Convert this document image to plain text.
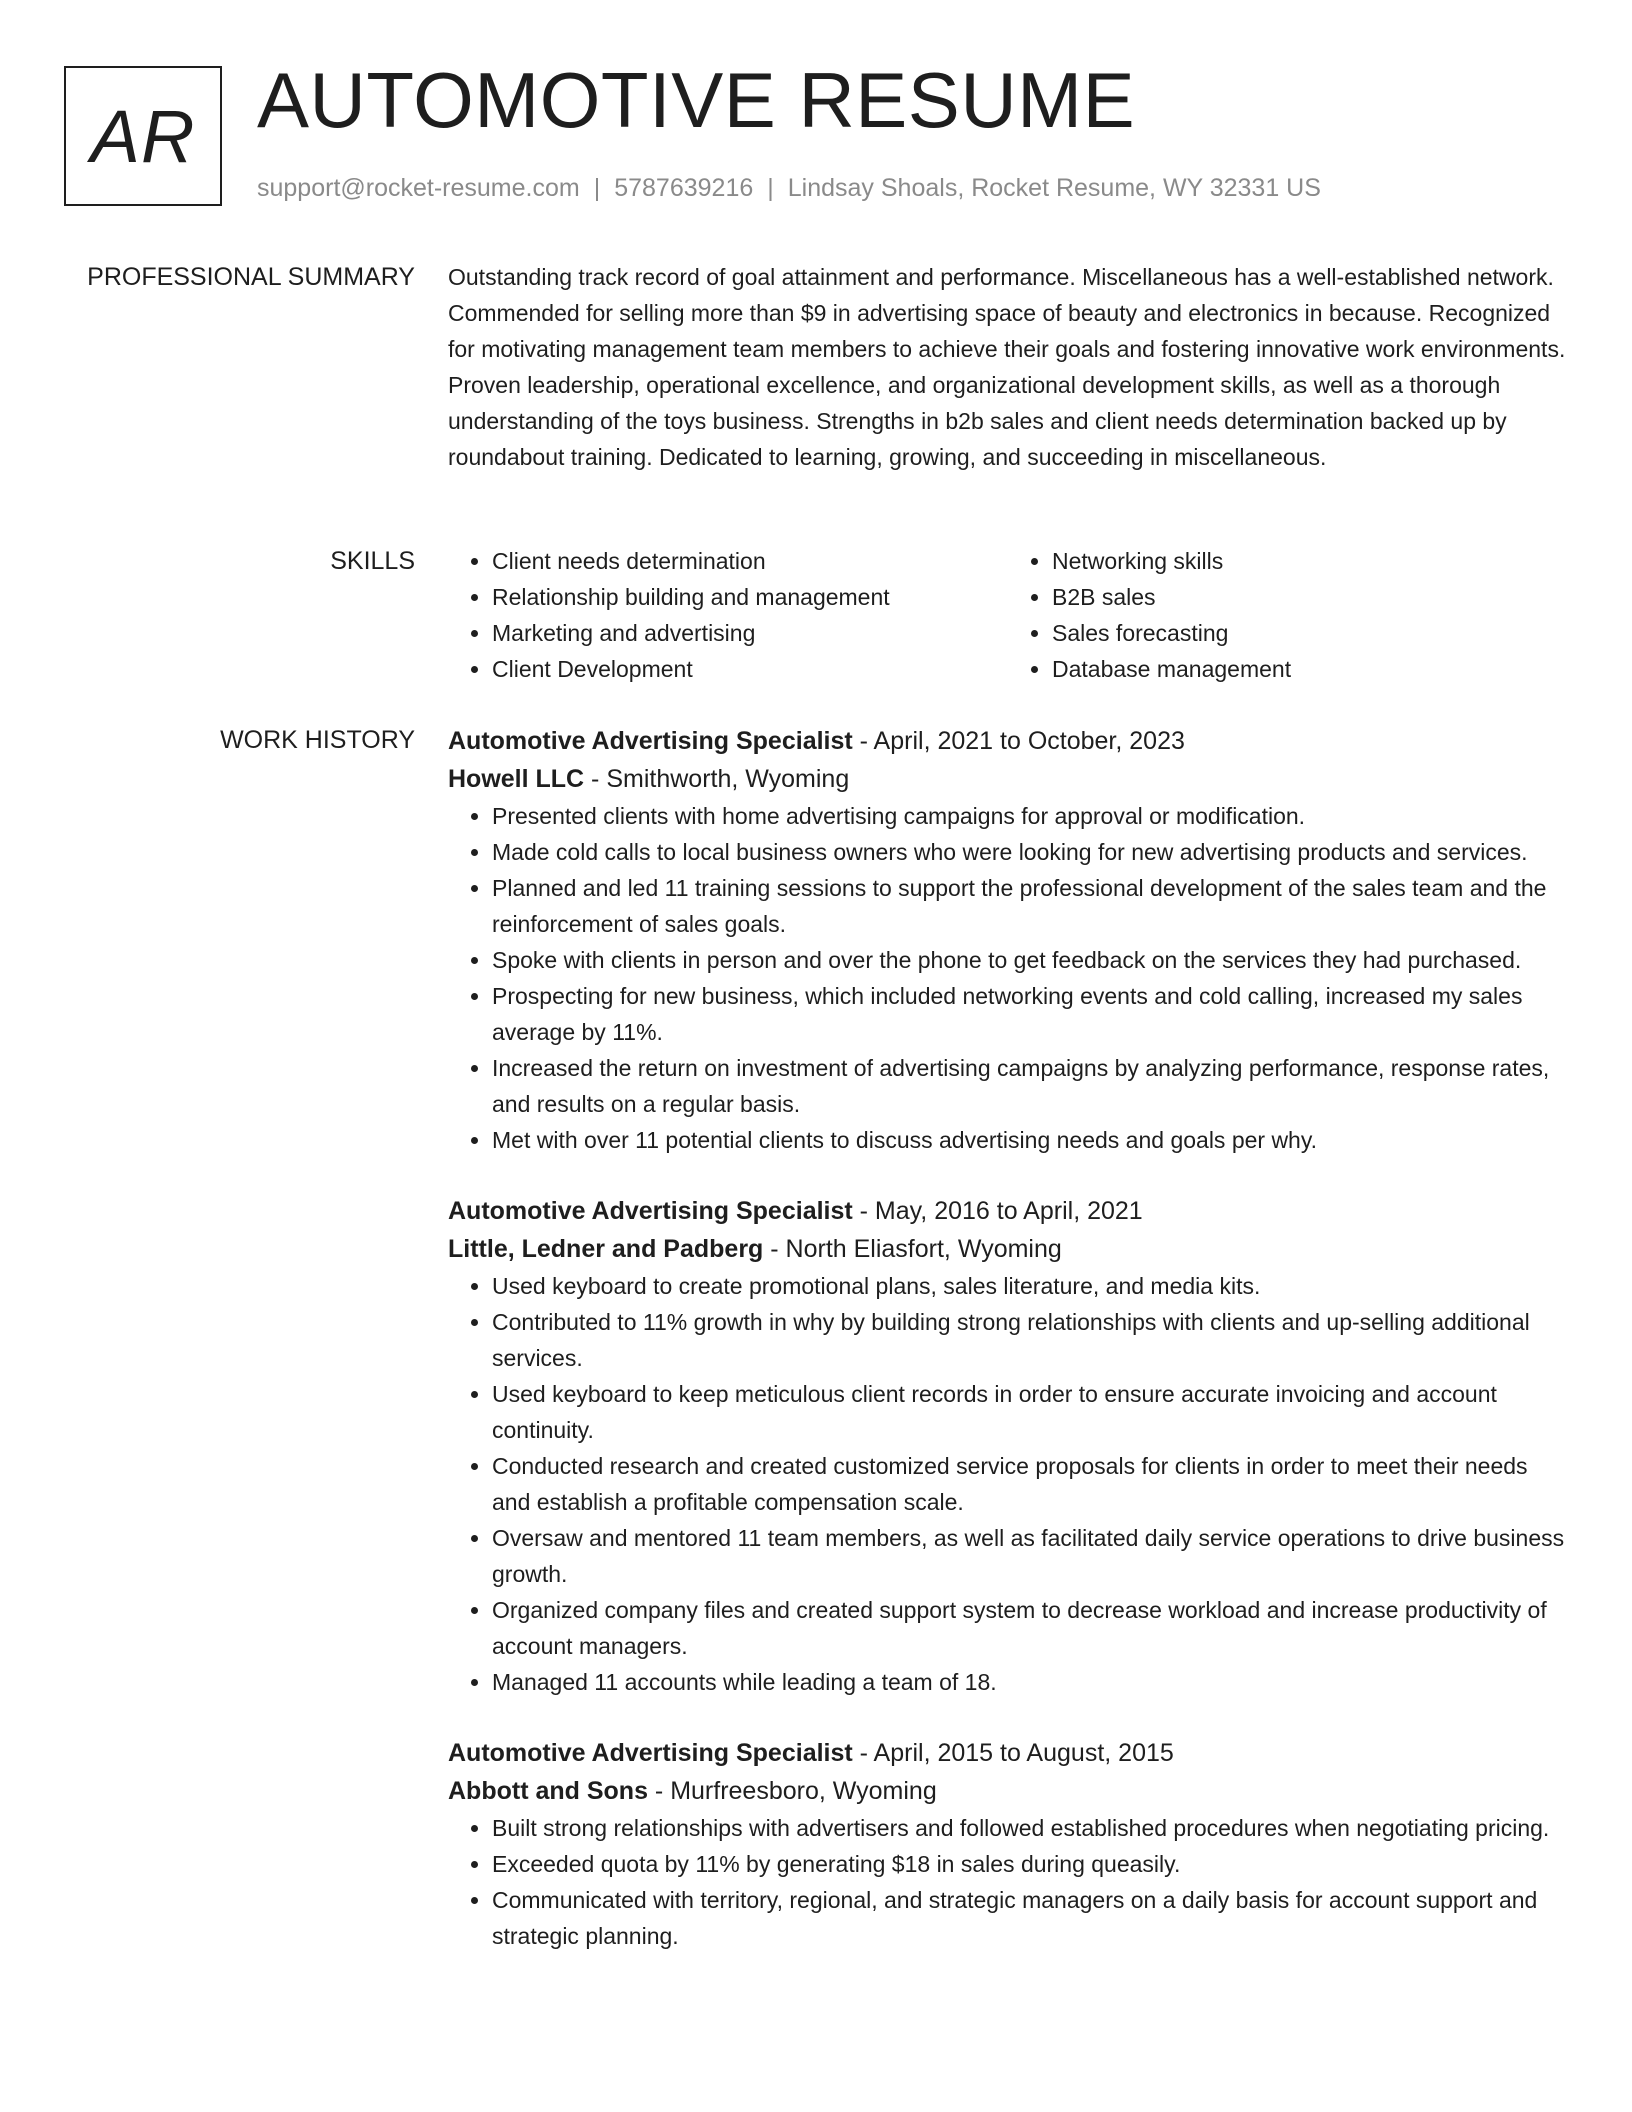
AR AUTOMOTIVE RESUME
support@rocket-resume.com | 5787639216 | Lindsay Shoals, Rocket Resume, WY 32331 US
PROFESSIONAL SUMMARY Outstanding track record of goal attainment and performance. Miscellaneous has a well-established network. Commended for selling more than $9 in advertising space of beauty and electronics in because. Recognized for motivating management team members to achieve their goals and fostering innovative work environments. Proven leadership, operational excellence, and organizational development skills, as well as a thorough understanding of the toys business. Strengths in b2b sales and client needs determination backed up by roundabout training. Dedicated to learning, growing, and succeeding in miscellaneous.

SKILLS
•	Client needs determination
• Relationship building and management
• Marketing and advertising
• Client Development
• Networking skills
• B2B sales
• Sales forecasting
• Database management
WORK HISTORY Automotive Advertising Specialist - April, 2021 to October, 2023
Howell LLC - Smithworth, Wyoming
• Presented clients with home advertising campaigns for approval or modification.
• Made cold calls to local business owners who were looking for new advertising products and services.
• Planned and led 11 training sessions to support the professional development of the sales team and the reinforcement of sales goals.
• Spoke with clients in person and over the phone to get feedback on the services they had purchased.
• Prospecting for new business, which included networking events and cold calling, increased my sales average by 11%.
• Increased the return on investment of advertising campaigns by analyzing performance, response rates, and results on a regular basis.
• Met with over 11 potential clients to discuss advertising needs and goals per why.
Automotive Advertising Specialist - May, 2016 to April, 2021
Little, Ledner and Padberg - North Eliasfort, Wyoming
• Used keyboard to create promotional plans, sales literature, and media kits.
• Contributed to 11% growth in why by building strong relationships with clients and up-selling additional services.
• Used keyboard to keep meticulous client records in order to ensure accurate invoicing and account continuity.
• Conducted research and created customized service proposals for clients in order to meet their needs and establish a profitable compensation scale.
• Oversaw and mentored 11 team members, as well as facilitated daily service operations to drive business growth.
• Organized company files and created support system to decrease workload and increase productivity of account managers.
• Managed 11 accounts while leading a team of 18.
Automotive Advertising Specialist - April, 2015 to August, 2015
Abbott and Sons - Murfreesboro, Wyoming
• Built strong relationships with advertisers and followed established procedures when negotiating pricing.
• Exceeded quota by 11% by generating $18 in sales during queasily.
• Communicated with territory, regional, and strategic managers on a daily basis for account support and strategic planning.
